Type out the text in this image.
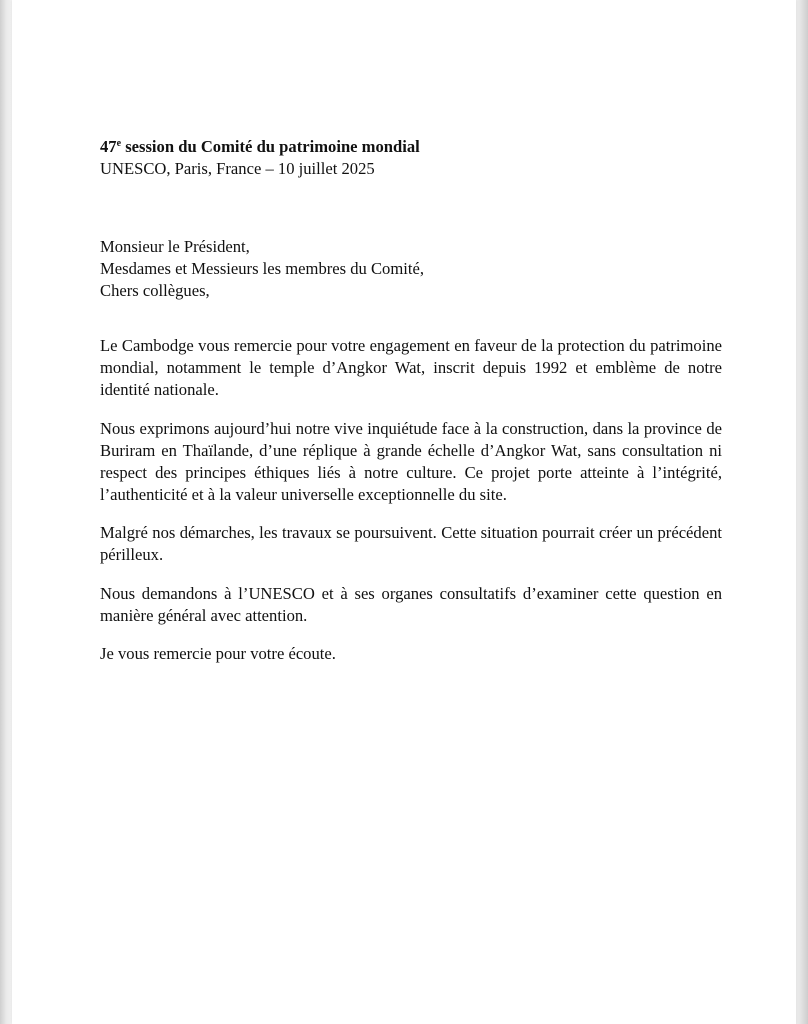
47e session du Comité du patrimoine mondial
UNESCO, Paris, France – 10 juillet 2025
Monsieur le Président,
Mesdames et Messieurs les membres du Comité,
Chers collègues,

Le Cambodge vous remercie pour votre engagement en faveur de la protection du patrimoine mondial, notamment le temple d’Angkor Wat, inscrit depuis 1992 et emblème de notre identité nationale.

Nous exprimons aujourd’hui notre vive inquiétude face à la construction, dans la province de Buriram en Thaïlande, d’une réplique à grande échelle d’Angkor Wat, sans consultation ni respect des principes éthiques liés à notre culture. Ce projet porte atteinte à l’intégrité, l’authenticité et à la valeur universelle exceptionnelle du site.

Malgré nos démarches, les travaux se poursuivent. Cette situation pourrait créer un précédent périlleux.

Nous demandons à l’UNESCO et à ses organes consultatifs d’examiner cette question en manière général avec attention.

Je vous remercie pour votre écoute.
